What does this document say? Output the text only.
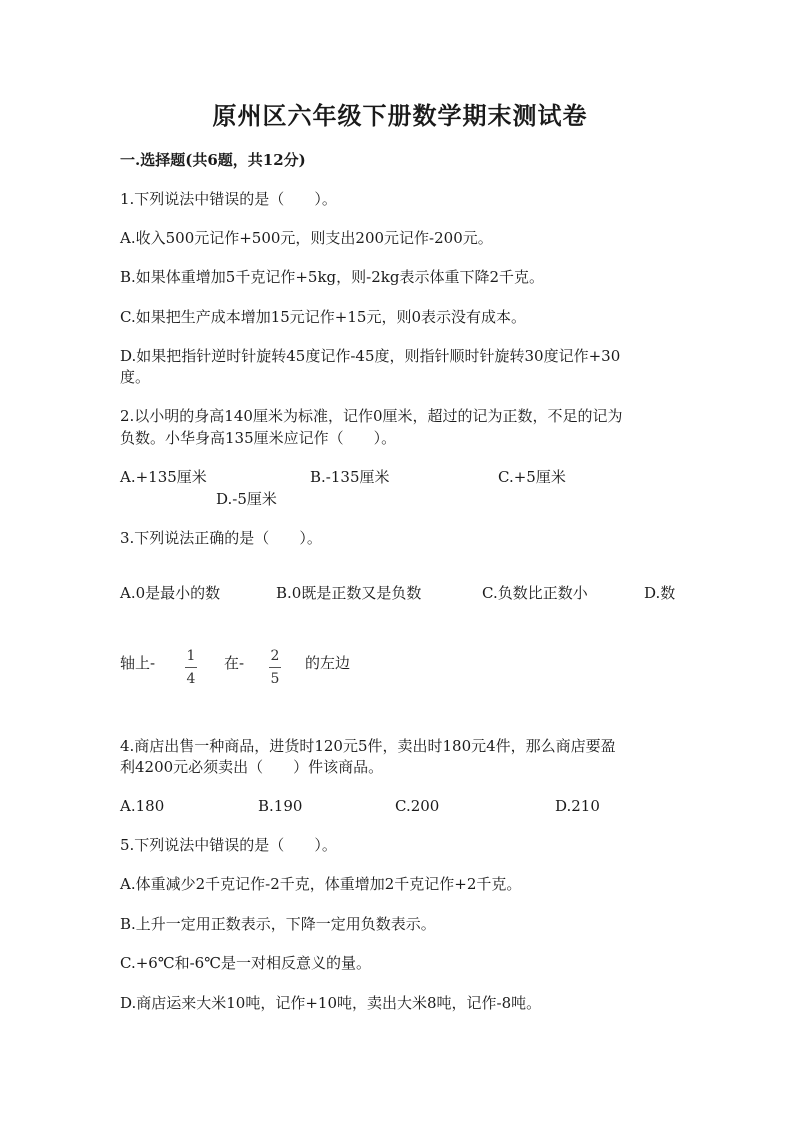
原州区六年级下册数学期末测试卷
一.选择题(共6题，共12分)
1.下列说法中错误的是（　　）。
A.收入500元记作+500元，则支出200元记作-200元。
B.如果体重增加5千克记作+5kg，则-2kg表示体重下降2千克。
C.如果把生产成本增加15元记作+15元，则0表示没有成本。
D.如果把指针逆时针旋转45度记作-45度，则指针顺时针旋转30度记作+30
度。
2.以小明的身高140厘米为标准，记作0厘米，超过的记为正数，不足的记为
负数。小华身高135厘米应记作（　　）。
A.+135厘米	B.-135厘米	C.+5厘米
D.-5厘米
3.下列说法正确的是（　　）。
A.0是最小的数	B.0既是正数又是负数	C.负数比正数小	D.数
轴上- 1
4
在- 2
5
的左边
4.商店出售一种商品，进货时120元5件，卖出时180元4件，那么商店要盈
利4200元必须卖出（　　）件该商品。
A.180	B.190	C.200	D.210
5.下列说法中错误的是（　　）。
A.体重减少2千克记作-2千克，体重增加2千克记作+2千克。
B.上升一定用正数表示，下降一定用负数表示。
C.+6℃和-6℃是一对相反意义的量。
D.商店运来大米10吨，记作+10吨，卖出大米8吨，记作-8吨。
